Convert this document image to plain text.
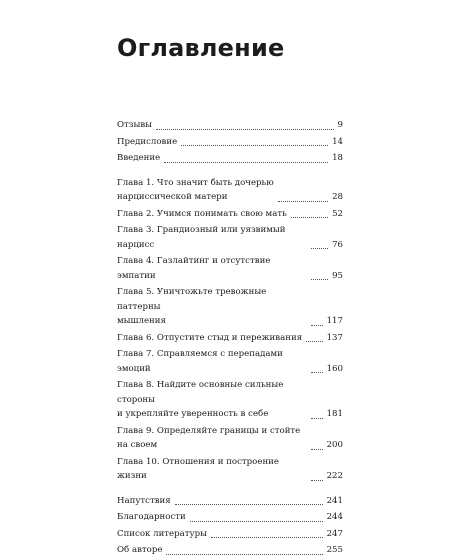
Оглавление
Отзывы	9
Предисловие	14
Введение	18
Глава 1. Что значит быть дочерью
нарциссической матери	28
Глава 2. Учимся понимать свою мать	52
Глава 3. Грандиозный или уязвимый нарцисс	76
Глава 4. Газлайтинг и отсутствие эмпатии	95
Глава 5. Уничтожьте тревожные паттерны
мышления	117
Глава 6. Отпустите стыд и переживания	137
Глава 7. Справляемся с перепадами эмоций	160
Глава 8. Найдите основные сильные стороны
и укрепляйте уверенность в себе	181
Глава 9. Определяйте границы и стойте на своем	200
Глава 10. Отношения и построение жизни	222
Напутствия	241
Благодарности	244
Список литературы	247
Об авторе	255
